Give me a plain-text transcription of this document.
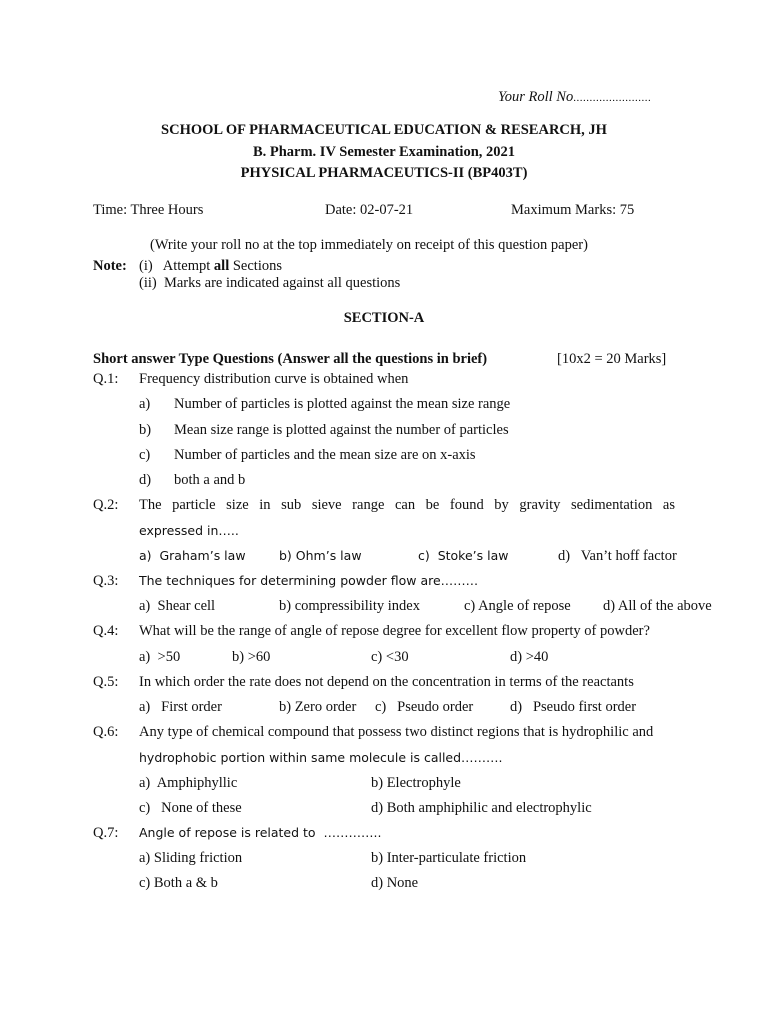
Your Roll No........................
SCHOOL OF PHARMACEUTICAL EDUCATION & RESEARCH, JH
B. Pharm. IV Semester Examination, 2021
PHYSICAL PHARMACEUTICS-II (BP403T)
Time: Three Hours	Date: 02-07-21	Maximum Marks: 75
(Write your roll no at the top immediately on receipt of this question paper)
Note: (i)   Attempt all Sections
(ii)  Marks are indicated against all questions
SECTION-A
Short answer Type Questions (Answer all the questions in brief)	[10x2 = 20 Marks]
Q.1: Frequency distribution curve is obtained when
a) Number of particles is plotted against the mean size range
b) Mean size range is plotted against the number of particles
c) Number of particles and the mean size are on x-axis
d) both a and b
Q.2: The particle size in sub sieve range can be found by gravity sedimentation as
expressed in…..
a)  Graham’s law	b) Ohm’s law	c)  Stoke’s law	d)   Van’t hoff factor
Q.3: The techniques for determining powder flow are………
a)  Shear cell	b) compressibility index	c) Angle of repose d) All of the above
Q.4: What will be the range of angle of repose degree for excellent flow property of powder?
a)  >50	b) >60	c) <30	d) >40
Q.5: In which order the rate does not depend on the concentration in terms of the reactants
a)   First order	b) Zero order c)   Pseudo order	d)   Pseudo first order
Q.6: Any type of chemical compound that possess two distinct regions that is hydrophilic and
hydrophobic portion within same molecule is called……….
a)  Amphiphyllic	b) Electrophyle
c)   None of these	d) Both amphiphilic and electrophylic
Q.7: Angle of repose is related to  …………..
a) Sliding friction	b) Inter-particulate friction
c) Both a & b	d) None
